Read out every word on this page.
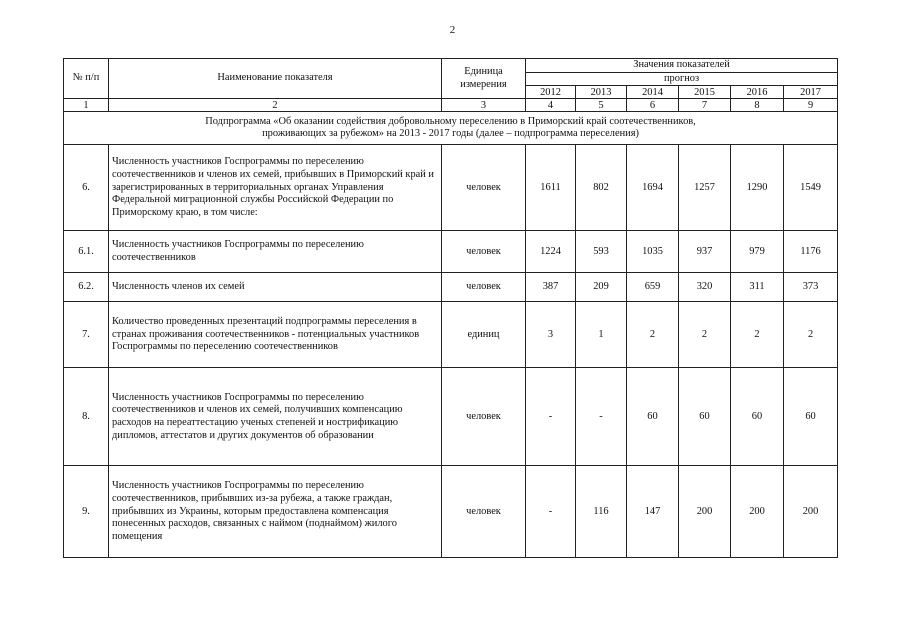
2
№ п/п	Наименование показателя	Единица измерения	Значения показателей					
			прогноз					
			2012	2013	2014	2015	2016	2017
1	2	3	4	5	6	7	8	9

Подпрограмма «Об оказании содействия добровольному переселению в Приморский край соотечественников,
проживающих за рубежом» на 2013 - 2017 годы (далее – подпрограмма переселения)								

6.	Численность участников Госпрограммы по переселению соотечественников и членов их семей, прибывших в Приморский край и зарегистрированных в территориальных органах Управления Федеральной миграционной службы Российской Федерации по Приморскому краю, в том числе:	человек	1611	802	1694	1257	1290	1549
6.1.	Численность участников Госпрограммы по переселению соотечественников	человек	1224	593	1035	937	979	1176
6.2.	Численность членов их семей	человек	387	209	659	320	311	373
7.	Количество проведенных презентаций подпрограммы переселения в странах проживания соотечественников - потенциальных участников Госпрограммы по переселению соотечественников	единиц	3	1	2	2	2	2
8.	Численность участников Госпрограммы по переселению соотечественников и членов их семей, получивших компенсацию расходов на переаттестацию ученых степеней и нострификацию дипломов, аттестатов и других документов об образовании	человек	-	-	60	60	60	60
9.	Численность участников Госпрограммы по переселению соотечественников, прибывших из-за рубежа, а также граждан, прибывших из Украины, которым предоставлена компенсация понесенных расходов, связанных с наймом (поднаймом) жилого помещения	человек	-	116	147	200	200	200
